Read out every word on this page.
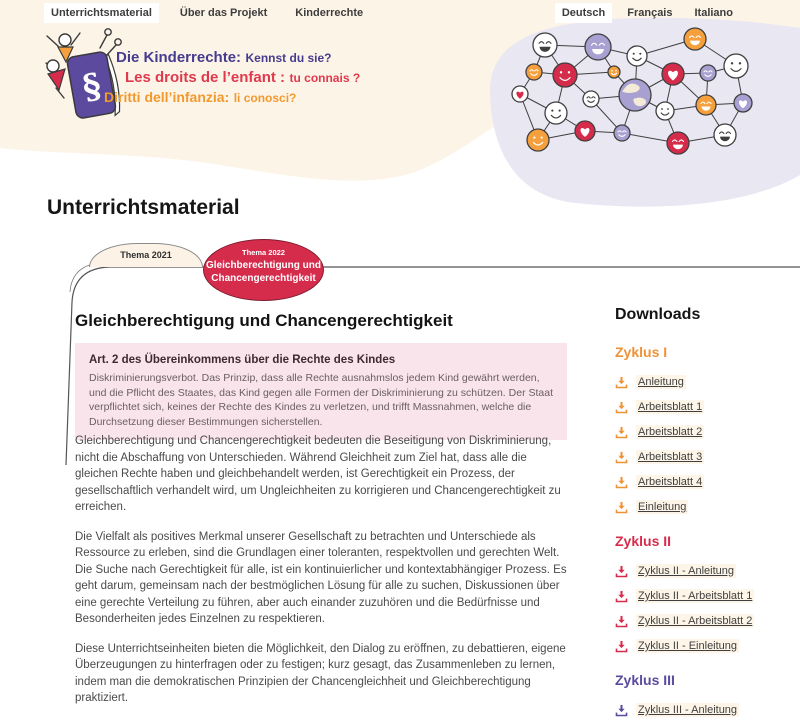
Unterrichtsmaterial	Über das Projekt	Kinderrechte	Deutsch	Français	Italiano
§
Die Kinderrechte: Kennst du sie?
Les droits de l’enfant : tu connais ?
Diritti dell’infanzia: li conosci?
Unterrichtsmaterial
Thema 2021	Thema 2022
Gleichberechtigung und
Chancengerechtigkeit
Gleichberechtigung und Chancengerechtigkeit
Art. 2 des Übereinkommens über die Rechte des Kindes
Diskriminierungsverbot. Das Prinzip, dass alle Rechte ausnahmslos jedem Kind gewährt werden, und die Pflicht des Staates, das Kind gegen alle Formen der Diskriminierung zu schützen. Der Staat verpflichtet sich, keines der Rechte des Kindes zu verletzen, und trifft Massnahmen, welche die Durchsetzung dieser Bestimmungen sicherstellen.

Gleichberechtigung und Chancengerechtigkeit bedeuten die Beseitigung von Diskriminierung, nicht die Abschaffung von Unterschieden. Während Gleichheit zum Ziel hat, dass alle die gleichen Rechte haben und gleichbehandelt werden, ist Gerechtigkeit ein Prozess, der gesellschaftlich verhandelt wird, um Ungleichheiten zu korrigieren und Chancengerechtigkeit zu erreichen.

Die Vielfalt als positives Merkmal unserer Gesellschaft zu betrachten und Unterschiede als Ressource zu erleben, sind die Grundlagen einer toleranten, respektvollen und gerechten Welt. Die Suche nach Gerechtigkeit für alle, ist ein kontinuierlicher und kontextabhängiger Prozess. Es geht darum, gemeinsam nach der bestmöglichen Lösung für alle zu suchen, Diskussionen über eine gerechte Verteilung zu führen, aber auch einander zuzuhören und die Bedürfnisse und Besonderheiten jedes Einzelnen zu respektieren.

Diese Unterrichtseinheiten bieten die Möglichkeit, den Dialog zu eröffnen, zu debattieren, eigene Überzeugungen zu hinterfragen oder zu festigen; kurz gesagt, das Zusammenleben zu lernen, indem man die demokratischen Prinzipien der Chancengleichheit und Gleichberechtigung praktiziert.

Downloads
Zyklus I
Anleitung
Arbeitsblatt 1
Arbeitsblatt 2
Arbeitsblatt 3
Arbeitsblatt 4
Einleitung
Zyklus II
Zyklus II - Anleitung
Zyklus II - Arbeitsblatt 1
Zyklus II - Arbeitsblatt 2
Zyklus II - Einleitung
Zyklus III
Zyklus III - Anleitung
